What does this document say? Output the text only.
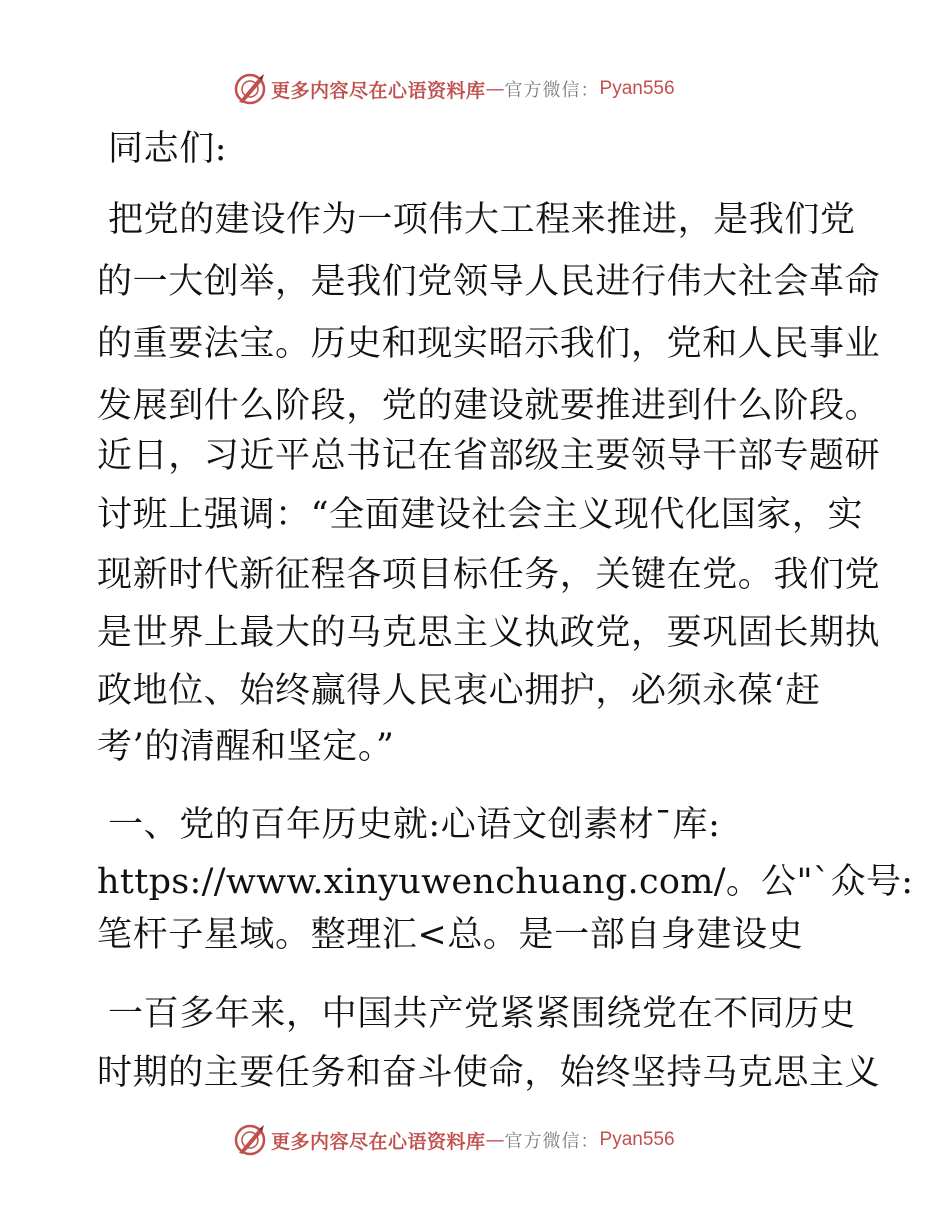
更多内容尽在心语资料库 — 官方微信： Pyan556
同志们:
把党的建设作为一项伟大工程来推进，是我们党
的一大创举，是我们党领导人民进行伟大社会革命
的重要法宝。历史和现实昭示我们，党和人民事业
发展到什么阶段，党的建设就要推进到什么阶段。
近日，习近平总书记在省部级主要领导干部专题研
讨班上强调：“全面建设社会主义现代化国家，实
现新时代新征程各项目标任务，关键在党。我们党
是世界上最大的马克思主义执政党，要巩固长期执
政地位、始终赢得人民衷心拥护，必须永葆‘赶
考’的清醒和坚定。”
一、党的百年历史就:心语文创素材¯库:
https://www.xinyuwenchuang.com/。公"`众号:
笔杆子星域。整理汇<总。是一部自身建设史
一百多年来，中国共产党紧紧围绕党在不同历史
时期的主要任务和奋斗使命，始终坚持马克思主义
更多内容尽在心语资料库 — 官方微信： Pyan556
